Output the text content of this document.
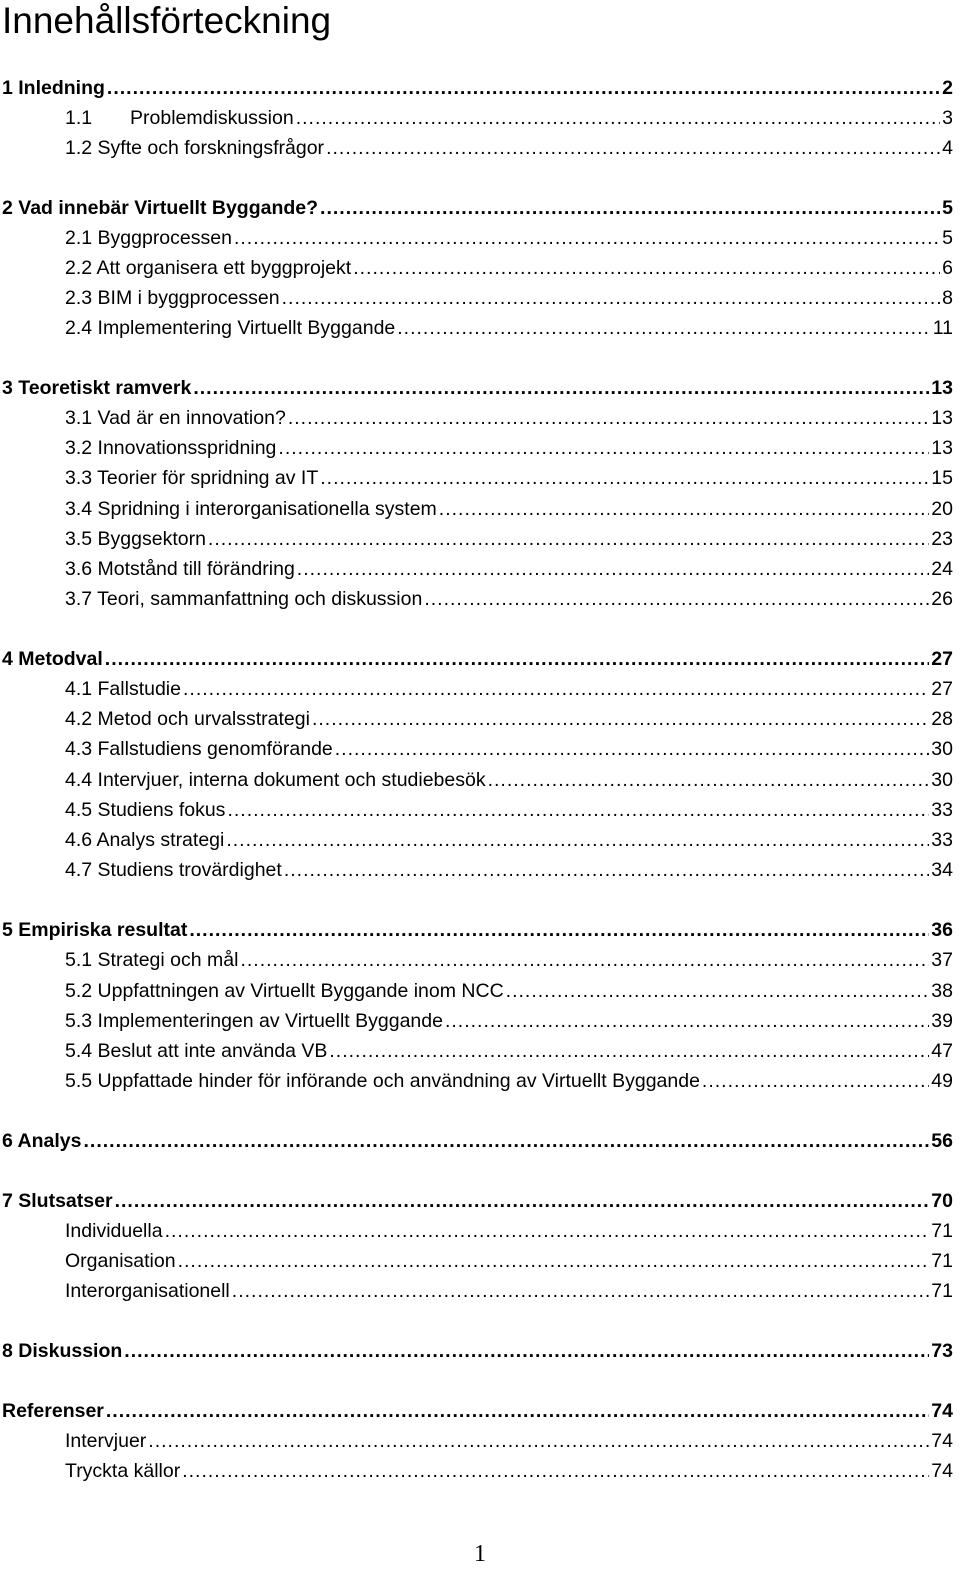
Innehållsförteckning
1 Inledning .....	2
1.1       Problemdiskussion .....	3
1.2 Syfte och forskningsfrågor .....	4
2 Vad innebär Virtuellt Byggande? .....	5
2.1 Byggprocessen .....	5
2.2 Att organisera ett byggprojekt .....	6
2.3 BIM i byggprocessen .....	8
2.4 Implementering Virtuellt Byggande .....	11
3 Teoretiskt ramverk .....	13
3.1 Vad är en innovation? .....	13
3.2 Innovationsspridning .....	13
3.3 Teorier för spridning av IT .....	15
3.4 Spridning i interorganisationella system .....	20
3.5 Byggsektorn .....	23
3.6 Motstånd till förändring .....	24
3.7 Teori, sammanfattning och diskussion .....	26
4 Metodval .....	27
4.1 Fallstudie .....	27
4.2 Metod och urvalsstrategi .....	28
4.3 Fallstudiens genomförande .....	30
4.4 Intervjuer, interna dokument och studiebesök .....	30
4.5 Studiens fokus .....	33
4.6 Analys strategi .....	33
4.7 Studiens trovärdighet .....	34
5 Empiriska resultat .....	36
5.1 Strategi och mål .....	37
5.2 Uppfattningen av Virtuellt Byggande inom NCC .....	38
5.3 Implementeringen av Virtuellt Byggande .....	39
5.4 Beslut att inte använda VB .....	47
5.5 Uppfattade hinder för införande och användning av Virtuellt Byggande .....	49
6 Analys .....	56
7 Slutsatser .....	70
Individuella .....	71
Organisation .....	71
Interorganisationell .....	71
8 Diskussion .....	73
Referenser .....	74
Intervjuer .....	74
Tryckta källor .....	74
1
